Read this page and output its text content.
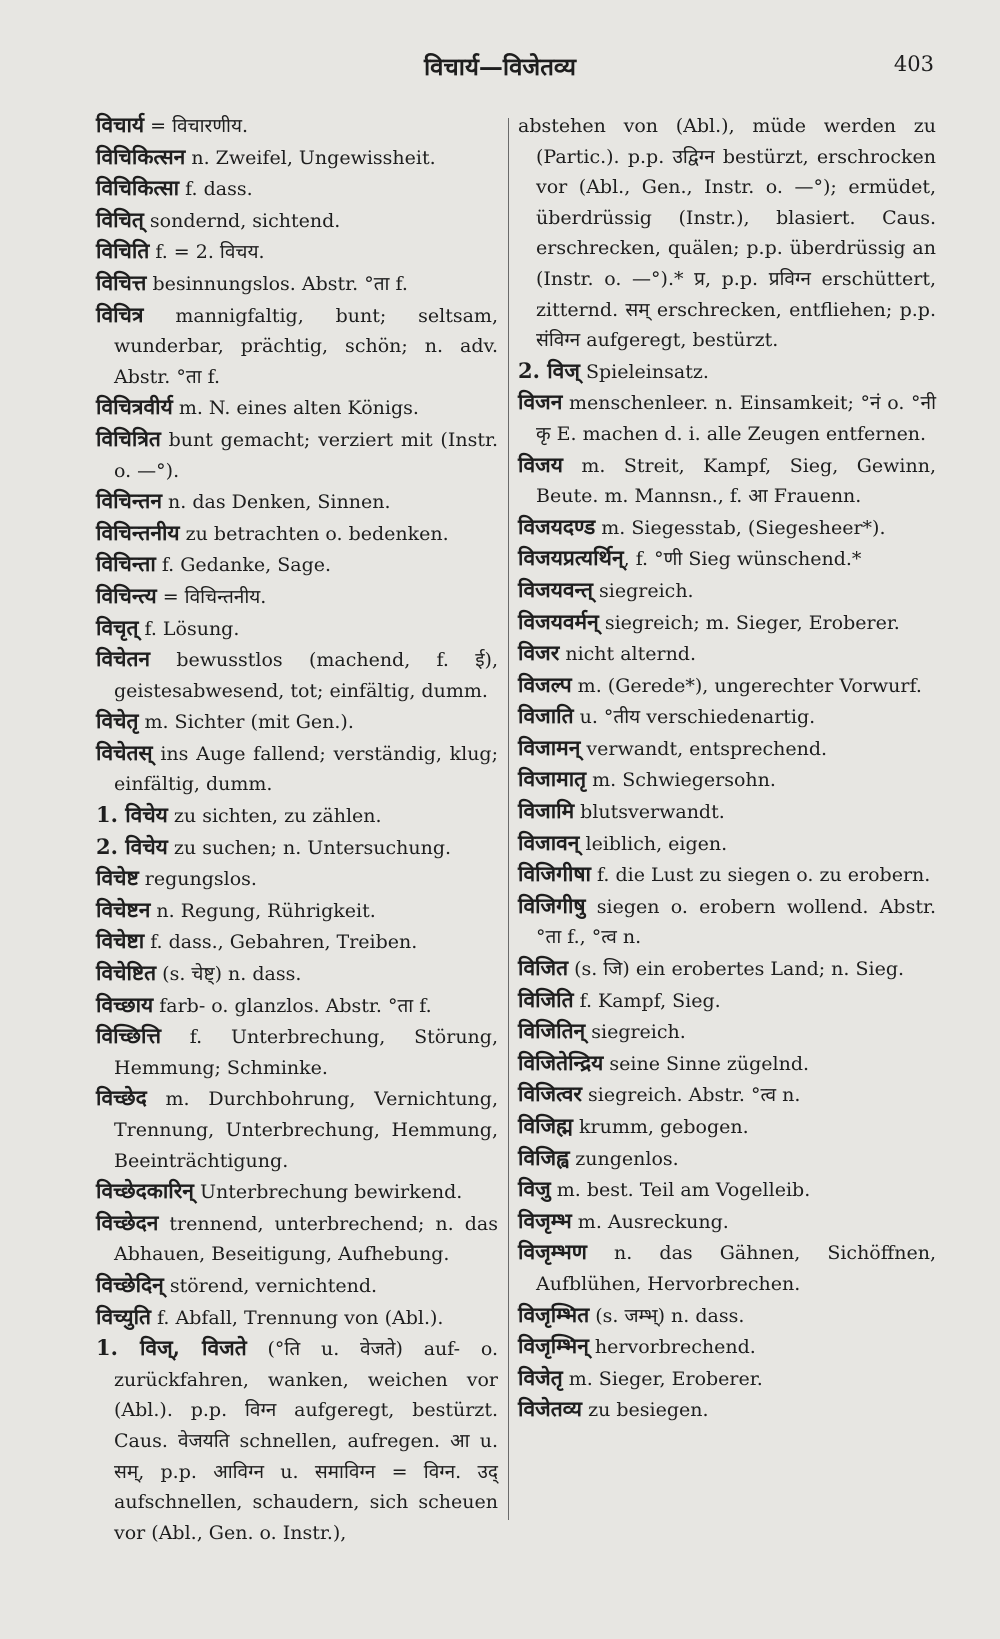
विचार्य—विजेतव्य	403

विचार्य = विचारणीय.

विचिकित्सन n. Zweifel, Ungewissheit.

विचिकित्सा f. dass.

विचित् sondernd, sichtend.

विचिति f. = 2. विचय.

विचित्त besinnungslos. Abstr. °ता f.

विचित्र mannigfaltig, bunt; seltsam, wunderbar, prächtig, schön; n. adv. Abstr. °ता f.

विचित्रवीर्य m. N. eines alten Königs.

विचित्रित bunt gemacht; verziert mit (Instr. o. —°).

विचिन्तन n. das Denken, Sinnen.

विचिन्तनीय zu betrachten o. bedenken.

विचिन्ता f. Gedanke, Sage.

विचिन्त्य = विचिन्तनीय.

विचृत् f. Lösung.

विचेतन bewusstlos (machend, f. ई), geistesabwesend, tot; einfältig, dumm.

विचेतृ m. Sichter (mit Gen.).

विचेतस् ins Auge fallend; verständig, klug; einfältig, dumm.

1. विचेय zu sichten, zu zählen.

2. विचेय zu suchen; n. Untersuchung.

विचेष्ट regungslos.

विचेष्टन n. Regung, Rührigkeit.

विचेष्टा f. dass., Gebahren, Treiben.

विचेष्टित (s. चेष्ट्) n. dass.

विच्छाय farb- o. glanzlos. Abstr. °ता f.

विच्छित्ति f. Unterbrechung, Störung, Hemmung; Schminke.

विच्छेद m. Durchbohrung, Vernichtung, Trennung, Unterbrechung, Hemmung, Beeinträchtigung.

विच्छेदकारिन् Unterbrechung bewirkend.

विच्छेदन trennend, unterbrechend; n. das Abhauen, Beseitigung, Aufhebung.

विच्छेदिन् störend, vernichtend.

विच्युति f. Abfall, Trennung von (Abl.).

1. विज्, विजते (°ति u. वेजते) auf- o. zurückfahren, wanken, weichen vor (Abl.). p.p. विग्न aufgeregt, bestürzt. Caus. वेजयति schnellen, aufregen. आ u. सम्, p.p. आविग्न u. समाविग्न = विग्न. उद् aufschnellen, schaudern, sich scheuen vor (Abl., Gen. o. Instr.),

abstehen von (Abl.), müde werden zu (Partic.). p.p. उद्विग्न bestürzt, erschrocken vor (Abl., Gen., Instr. o. —°); ermüdet, überdrüssig (Instr.), blasiert. Caus. erschrecken, quälen; p.p. überdrüssig an (Instr. o. —°).* प्र, p.p. प्रविग्न erschüttert, zitternd. सम् erschrecken, entfliehen; p.p. संविग्न aufgeregt, bestürzt.

2. विज् Spieleinsatz.

विजन menschenleer. n. Einsamkeit; °नं o. °नी कृ E. machen d. i. alle Zeugen entfernen.

विजय m. Streit, Kampf, Sieg, Gewinn, Beute. m. Mannsn., f. आ Frauenn.

विजयदण्ड m. Siegesstab, (Siegesheer*).

विजयप्रत्यर्थिन्, f. °णी Sieg wünschend.*

विजयवन्त् siegreich.

विजयवर्मन् siegreich; m. Sieger, Eroberer.

विजर nicht alternd.

विजल्प m. (Gerede*), ungerechter Vorwurf.

विजाति u. °तीय verschiedenartig.

विजामन् verwandt, entsprechend.

विजामातृ m. Schwiegersohn.

विजामि blutsverwandt.

विजावन् leiblich, eigen.

विजिगीषा f. die Lust zu siegen o. zu erobern.

विजिगीषु siegen o. erobern wollend. Abstr. °ता f., °त्व n.

विजित (s. जि) ein erobertes Land; n. Sieg.

विजिति f. Kampf, Sieg.

विजितिन् siegreich.

विजितेन्द्रिय seine Sinne zügelnd.

विजित्वर siegreich. Abstr. °त्व n.

विजिह्म krumm, gebogen.

विजिह्व zungenlos.

विजु m. best. Teil am Vogelleib.

विजृम्भ m. Ausreckung.

विजृम्भण n. das Gähnen, Sichöffnen, Aufblühen, Hervorbrechen.

विजृम्भित (s. जम्भ्) n. dass.

विजृम्भिन् hervorbrechend.

विजेतृ m. Sieger, Eroberer.

विजेतव्य zu besiegen.
